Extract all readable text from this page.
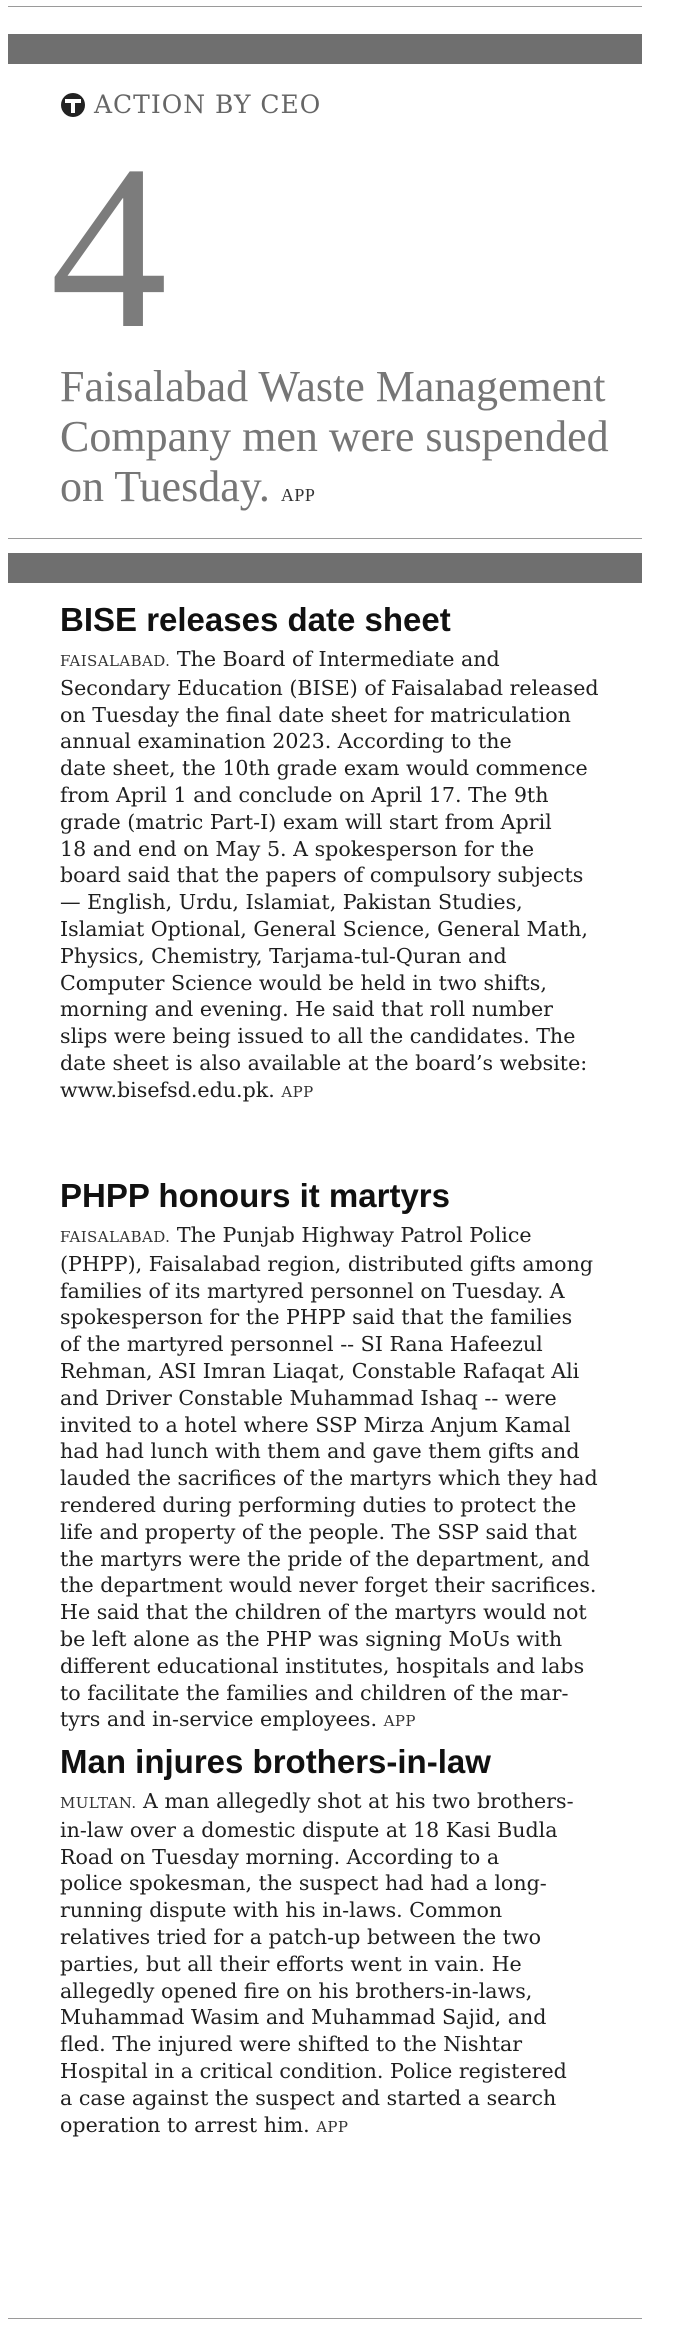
ACTION BY CEO
4
Faisalabad Waste Management Company men were suspended on Tuesday. APP
BISE releases date sheet

FAISALABAD. The Board of Intermediate and
Secondary Education (BISE) of Faisalabad released
on Tuesday the final date sheet for matriculation
annual examination 2023. According to the
date sheet, the 10th grade exam would commence
from April 1 and conclude on April 17. The 9th
grade (matric Part-I) exam will start from April
18 and end on May 5. A spokesperson for the
board said that the papers of compulsory subjects
— English, Urdu, Islamiat, Pakistan Studies,
Islamiat Optional, General Science, General Math,
Physics, Chemistry, Tarjama-tul-Quran and
Computer Science would be held in two shifts,
morning and evening. He said that roll number
slips were being issued to all the candidates. The
date sheet is also available at the board’s website:
www.bisefsd.edu.pk. APP

PHPP honours it martyrs

FAISALABAD. The Punjab Highway Patrol Police
(PHPP), Faisalabad region, distributed gifts among
families of its martyred personnel on Tuesday. A
spokesperson for the PHPP said that the families
of the martyred personnel -- SI Rana Hafeezul
Rehman, ASI Imran Liaqat, Constable Rafaqat Ali
and Driver Constable Muhammad Ishaq -- were
invited to a hotel where SSP Mirza Anjum Kamal
had had lunch with them and gave them gifts and
lauded the sacrifices of the martyrs which they had
rendered during performing duties to protect the
life and property of the people. The SSP said that
the martyrs were the pride of the department, and
the department would never forget their sacrifices.
He said that the children of the martyrs would not
be left alone as the PHP was signing MoUs with
different educational institutes, hospitals and labs
to facilitate the families and children of the mar-
tyrs and in-service employees. APP

Man injures brothers-in-law

MULTAN. A man allegedly shot at his two brothers-
in-law over a domestic dispute at 18 Kasi Budla
Road on Tuesday morning. According to a
police spokesman, the suspect had had a long-
running dispute with his in-laws. Common
relatives tried for a patch-up between the two
parties, but all their efforts went in vain. He
allegedly opened fire on his brothers-in-laws,
Muhammad Wasim and Muhammad Sajid, and
fled. The injured were shifted to the Nishtar
Hospital in a critical condition. Police registered
a case against the suspect and started a search
operation to arrest him. APP
